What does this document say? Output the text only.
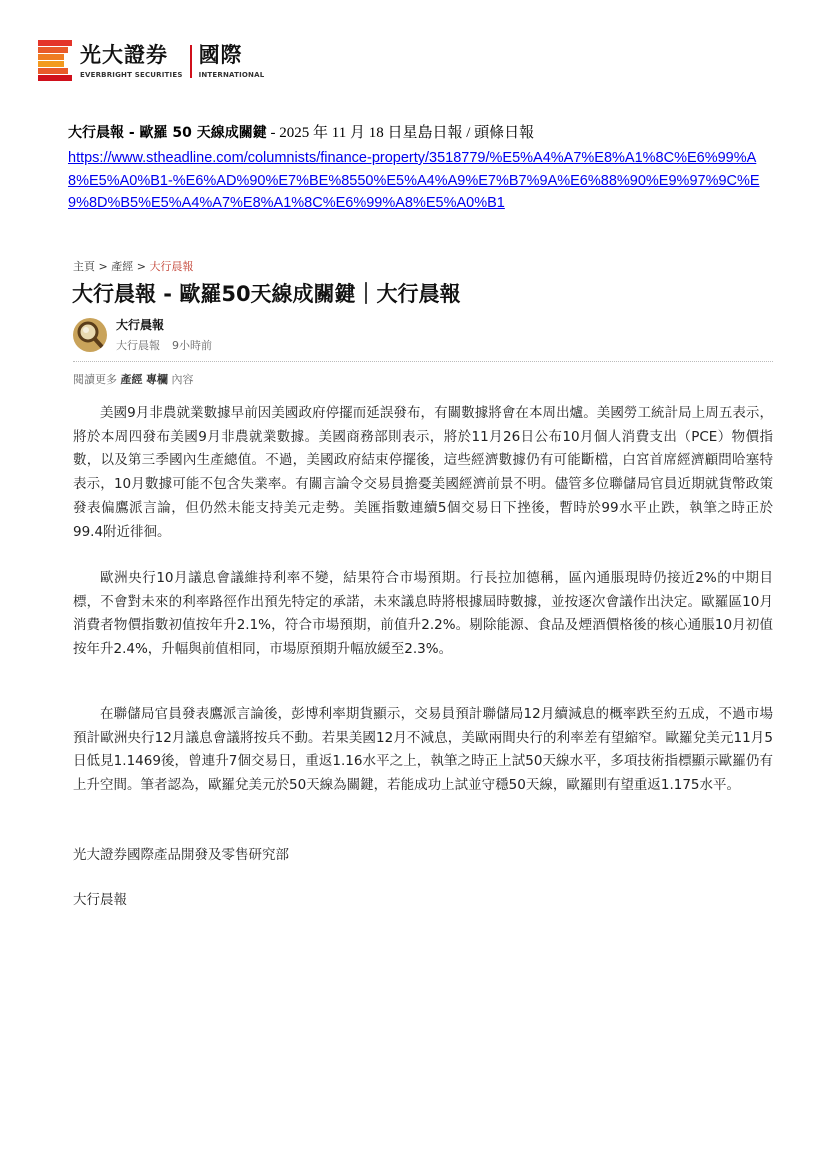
光大證券
EVERBRIGHT SECURITIES
國際
INTERNATIONAL
大行晨報 - 歐羅 50 天線成關鍵 - 2025 年 11 月 18 日星島日報 / 頭條日報
https://www.stheadline.com/columnists/finance-property/3518779/%E5%A4%A7%E8%A1%8C%E6%99%A8%E5%A0%B1-%E6%AD%90%E7%BE%8550%E5%A4%A9%E7%B7%9A%E6%88%90%E9%97%9C%E9%8D%B5%E5%A4%A7%E8%A1%8C%E6%99%A8%E5%A0%B1
主頁 > 產經 > 大行晨報
大行晨報 - 歐羅50天線成關鍵｜大行晨報
大行晨報
大行晨報 9小時前
閱讀更多 產經 專欄 內容

美國9月非農就業數據早前因美國政府停擺而延誤發布，有關數據將會在本周出爐。美國勞工統計局上周五表示，將於本周四發布美國9月非農就業數據。美國商務部則表示，將於11月26日公布10月個人消費支出（PCE）物價指數，以及第三季國內生產總值。不過，美國政府結束停擺後，這些經濟數據仍有可能斷檔，白宮首席經濟顧問哈塞特表示，10月數據可能不包含失業率。有關言論令交易員擔憂美國經濟前景不明。儘管多位聯儲局官員近期就貨幣政策發表偏鷹派言論，但仍然未能支持美元走勢。美匯指數連續5個交易日下挫後，暫時於99水平止跌，執筆之時正於99.4附近徘徊。

歐洲央行10月議息會議維持利率不變，結果符合市場預期。行長拉加德稱，區內通脹現時仍接近2%的中期目標，不會對未來的利率路徑作出預先特定的承諾，未來議息時將根據屆時數據，並按逐次會議作出決定。歐羅區10月消費者物價指數初值按年升2.1%，符合市場預期，前值升2.2%。剔除能源、食品及煙酒價格後的核心通脹10月初值按年升2.4%，升幅與前值相同，市場原預期升幅放緩至2.3%。

在聯儲局官員發表鷹派言論後，彭博利率期貨顯示，交易員預計聯儲局12月續減息的概率跌至約五成，不過市場預計歐洲央行12月議息會議將按兵不動。若果美國12月不減息，美歐兩間央行的利率差有望縮窄。歐羅兌美元11月5日低見1.1469後，曾連升7個交易日，重返1.16水平之上，執筆之時正上試50天線水平，多項技術指標顯示歐羅仍有上升空間。筆者認為，歐羅兌美元於50天線為關鍵，若能成功上試並守穩50天線，歐羅則有望重返1.175水平。

光大證券國際產品開發及零售研究部
大行晨報
